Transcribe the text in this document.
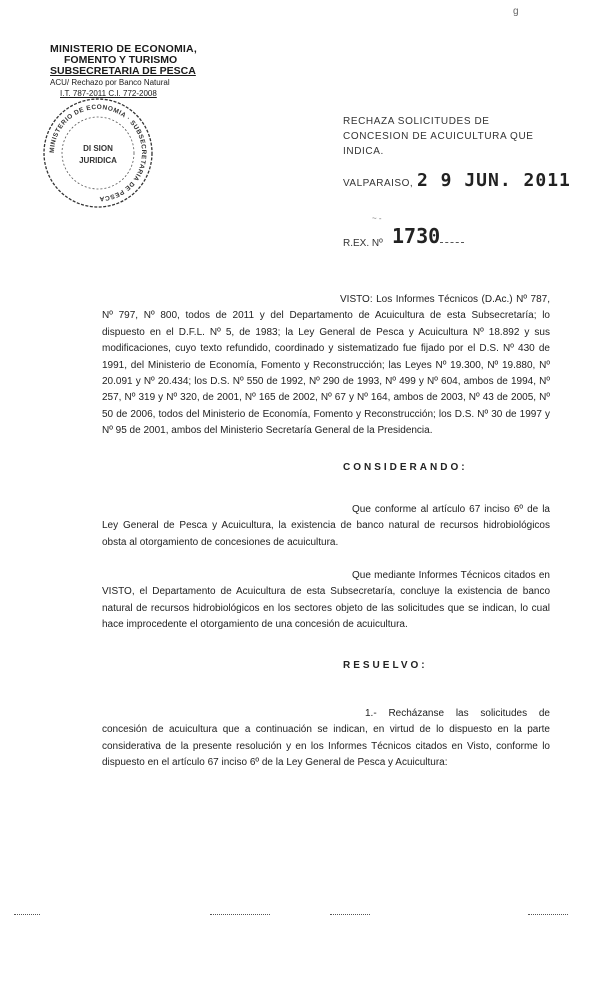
g
MINISTERIO DE ECONOMIA,
FOMENTO Y TURISMO
SUBSECRETARIA DE PESCA
ACU/ Rechazo por Banco Natural
I.T. 787-2011 C.I. 772-2008
MINISTERIO DE ECONOMIA · SUBSECRETARIA DE PESCA
DI SION
JURIDICA
RECHAZA SOLICITUDES DE CONCESION DE ACUICULTURA QUE INDICA.
VALPARAISO, 2 9 JUN. 2011
~ -
R.EX. Nº 1730
VISTO: Los Informes Técnicos (D.Ac.) Nº 787, Nº 797, Nº 800, todos de 2011 y del Departamento de Acuicultura de esta Subsecretaría; lo dispuesto en el D.F.L. Nº 5, de 1983; la Ley General de Pesca y Acuicultura Nº 18.892 y sus modificaciones, cuyo texto refundido, coordinado y sistematizado fue fijado por el D.S. Nº 430 de 1991, del Ministerio de Economía, Fomento y Reconstrucción; las Leyes Nº 19.300, Nº 19.880, Nº 20.091 y Nº 20.434; los D.S. Nº 550 de 1992, Nº 290 de 1993, Nº 499 y Nº 604, ambos de 1994, Nº 257, Nº 319 y Nº 320, de 2001, Nº 165 de 2002, Nº 67 y Nº 164, ambos de 2003, Nº 43 de 2005, Nº 50 de 2006, todos del Ministerio de Economía, Fomento y Reconstrucción; los D.S. Nº 30 de 1997 y Nº 95 de 2001, ambos del Ministerio Secretaría General de la Presidencia.
CONSIDERANDO:
Que conforme al artículo 67 inciso 6º de la Ley General de Pesca y Acuicultura, la existencia de banco natural de recursos hidrobiológicos obsta al otorgamiento de concesiones de acuicultura.
Que mediante Informes Técnicos citados en VISTO, el Departamento de Acuicultura de esta Subsecretaría, concluye la existencia de banco natural de recursos hidrobiológicos en los sectores objeto de las solicitudes que se indican, lo cual hace improcedente el otorgamiento de una concesión de acuicultura.
RESUELVO:
1.- Recházanse las solicitudes de concesión de acuicultura que a continuación se indican, en virtud de lo dispuesto en la parte considerativa de la presente resolución y en los Informes Técnicos citados en Visto, conforme lo dispuesto en el artículo 67 inciso 6º de la Ley General de Pesca y Acuicultura:
